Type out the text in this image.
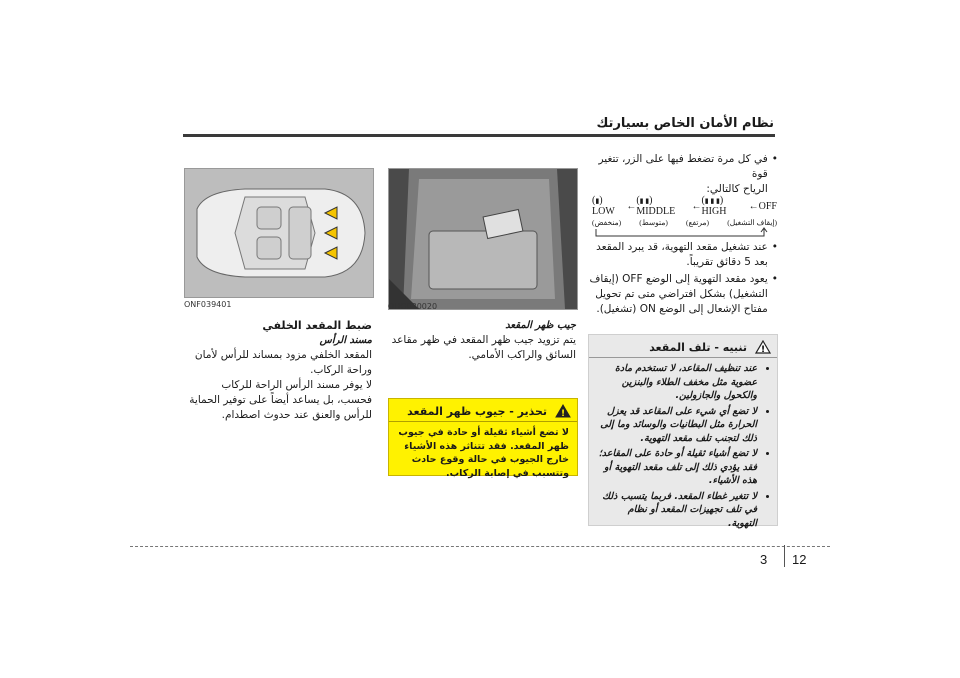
نظام الأمان الخاص بسيارتك
•
في كل مرة تضغط فيها على الزر، تتغير قوة
الرياح كالتالي:
(▮) LOW	← (▮ ▮) MIDDLE	← (▮ ▮ ▮) HIGH	← OFF
(إيقاف التشغيل)
(مرتفع)
(متوسط)
(منخفض)
•
عند تشغيل مقعد التهوية، قد يبرد المقعد بعد 5 دقائق تقريباً.
•
يعود مقعد التهوية إلى الوضع OFF (إيقاف التشغيل) بشكل افتراضي متى تم تحويل مفتاح الإشعال إلى الوضع ON (تشغيل).
!
تنبيه - تلف المقعد
• عند تنظيف المقاعد، لا تستخدم مادة عضوية مثل مخفف الطلاء والبنزين والكحول والجازولين.
• لا تضع أي شيء على المقاعد قد يعزل الحرارة مثل البطانيات والوسائد وما إلى ذلك لتجنب تلف مقعد التهوية.
• لا تضع أشياء ثقيلة أو حادة على المقاعد؛ فقد يؤدي ذلك إلى تلف مقعد التهوية أو هذه الأشياء.
• لا تتغير غطاء المقعد. فربما يتسبب ذلك في تلف تجهيزات المقعد أو نظام التهوية.
OHG030020
جيب ظهر المقعد
يتم تزويد جيب ظهر المقعد في ظهر مقاعد السائق والراكب الأمامي.
!
تحذير - جيوب ظهر المقعد
لا تضع أشياء ثقيلة أو حادة في جيوب ظهر المقعد. فقد تتناثر هذه الأشياء خارج الجيوب في حالة وقوع حادث وتتسبب في إصابة الركاب.
ONF039401
ضبط المقعد الخلفي
مسند الرأس
المقعد الخلفي مزود بمساند للرأس لأمان وراحة الركاب.
لا يوفر مسند الرأس الراحة للركاب فحسب، بل يساعد أيضاً على توفير الحماية للرأس والعنق عند حدوث اصطدام.
3 12
